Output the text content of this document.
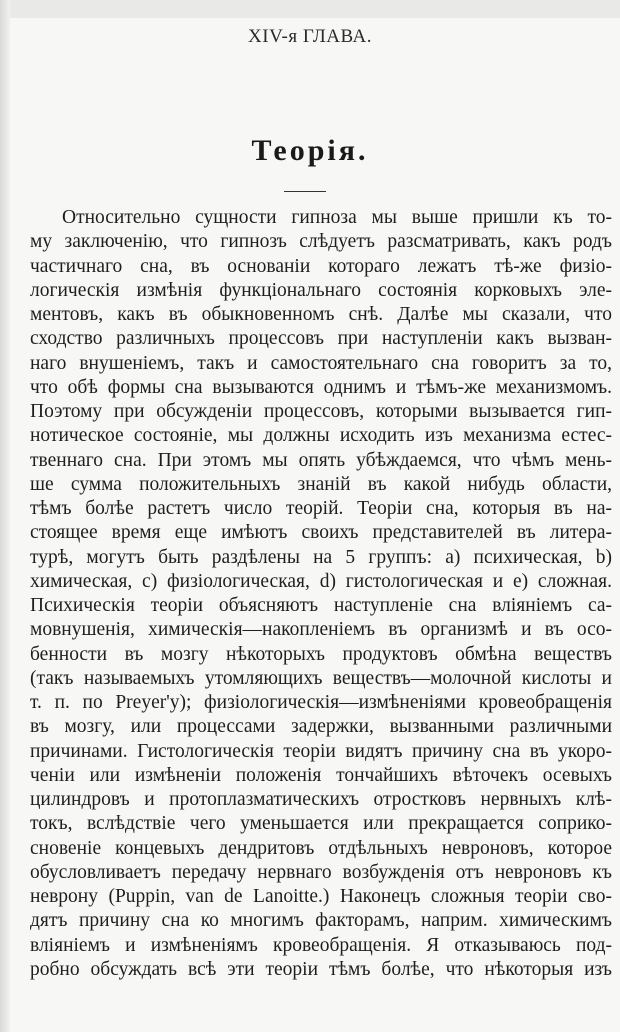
XIV-я ГЛАВА.
Теорія.
Относительно сущности гипноза мы выше пришли къ то-
му заключенію, что гипнозъ слѣдуетъ разсматривать, какъ родъ
частичнаго сна, въ основаніи котораго лежатъ тѣ-же физіо-
логическія измѣнія функціональнаго состоянія корковыхъ эле-
ментовъ, какъ въ обыкновенномъ снѣ. Далѣе мы сказали, что
сходство различныхъ процессовъ при наступленіи какъ вызван-
наго внушеніемъ, такъ и самостоятельнаго сна говоритъ за то,
что обѣ формы сна вызываются однимъ и тѣмъ-же механизмомъ.
Поэтому при обсужденіи процессовъ, которыми вызывается гип-
нотическое состояніе, мы должны исходить изъ механизма естес-
твеннаго сна. При этомъ мы опять убѣждаемся, что чѣмъ мень-
ше сумма положительныхъ знаній въ какой нибудь области,
тѣмъ болѣе растетъ число теорій. Теоріи сна, которыя въ на-
стоящее время еще имѣютъ своихъ представителей въ литера-
турѣ, могутъ быть раздѣлены на 5 группъ: a) психическая, b)
химическая, c) физіологическая, d) гистологическая и e) сложная.
Психическія теоріи объясняютъ наступленіе сна вліяніемъ са-
мовнушенія, химическія—накопленіемъ въ организмѣ и въ осо-
бенности въ мозгу нѣкоторыхъ продуктовъ обмѣна веществъ
(такъ называемыхъ утомляющихъ веществъ—молочной кислоты и
т. п. по Preyer'y); физіологическія—измѣненіями кровеобращенія
въ мозгу, или процессами задержки, вызванными различными
причинами. Гистологическія теоріи видятъ причину сна въ укоро-
ченіи или измѣненіи положенія тончайшихъ вѣточекъ осевыхъ
цилиндровъ и протоплазматическихъ отростковъ нервныхъ клѣ-
токъ, вслѣдствіе чего уменьшается или прекращается соприко-
сновеніе концевыхъ дендритовъ отдѣльныхъ невроновъ, которое
обусловливаетъ передачу нервнаго возбужденія отъ невроновъ къ
неврону (Puppin, van de Lanoitte.) Наконецъ сложныя теоріи сво-
дятъ причину сна ко многимъ факторамъ, наприм. химическимъ
вліяніемъ и измѣненіямъ кровеобращенія. Я отказываюсь под-
робно обсуждать всѣ эти теоріи тѣмъ болѣе, что нѣкоторыя изъ
